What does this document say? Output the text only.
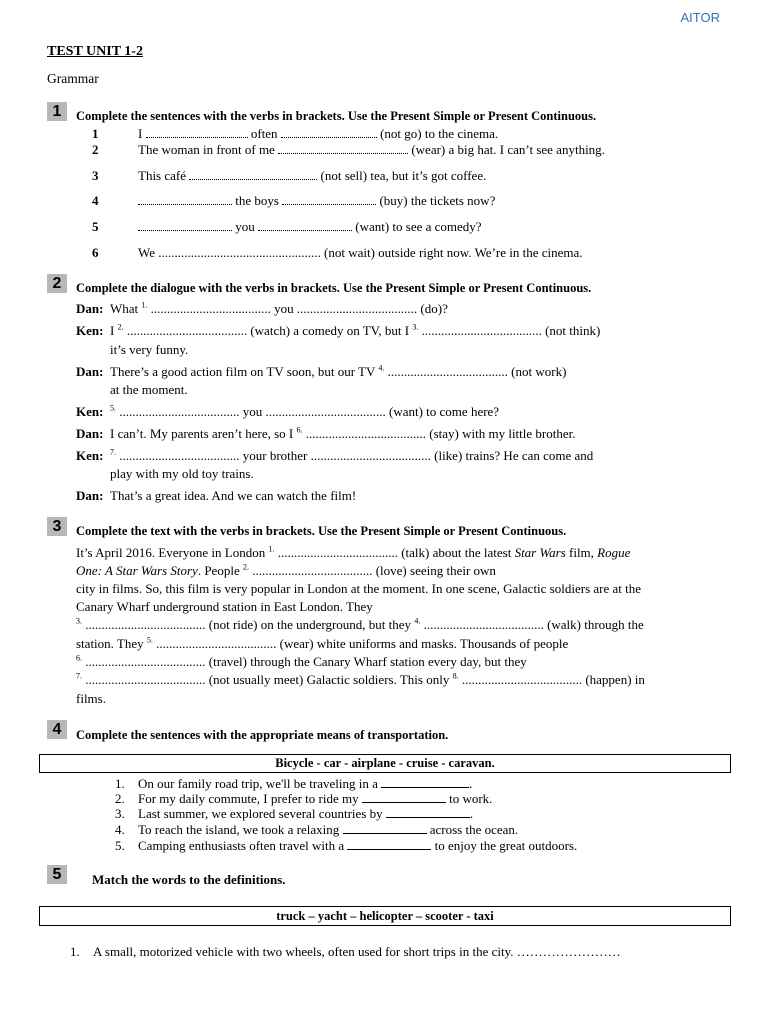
AITOR
TEST UNIT 1-2
Grammar
1	Complete the sentences with the verbs in brackets. Use the Present Simple or Present Continuous.
1	I	often	(not go) to the cinema.
2	The woman in front of me	(wear) a big hat. I can’t see anything.
3	This café	(not sell) tea, but it’s got coffee.
4	the boys	(buy) the tickets now?
5	you	(want) to see a comedy?
6	We .................................................. (not wait) outside right now. We’re in the cinema.
2	Complete the dialogue with the verbs in brackets. Use the Present Simple or Present Continuous.
Dan: What $^{1.}$ ..................................... you ..................................... (do)?
Ken: I $^{2.}$ ..................................... (watch) a comedy on TV, but I $^{3.}$ ..................................... (not think)
it’s very funny.
Dan: There’s a good action film on TV soon, but our TV $^{4.}$ ..................................... (not work)
at the moment.
Ken: $^{5.}$ ..................................... you ..................................... (want) to come here?
Dan: I can’t. My parents aren’t here, so I $^{6.}$ ..................................... (stay) with my little brother.
Ken: $^{7.}$ ..................................... your brother ..................................... (like) trains? He can come and
play with my old toy trains.
Dan: That’s a great idea. And we can watch the film!
3	Complete the text with the verbs in brackets. Use the Present Simple or Present Continuous.
It’s April 2016. Everyone in London $^{1.}$ ..................................... (talk) about the latest Star Wars film, Rogue
One: A Star Wars Story. People $^{2.}$ ..................................... (love) seeing their own
city in films. So, this film is very popular in London at the moment. In one scene, Galactic soldiers are at the
Canary Wharf underground station in East London. They
$^{3.}$ ..................................... (not ride) on the underground, but they $^{4.}$ ..................................... (walk) through the
station. They $^{5.}$ ..................................... (wear) white uniforms and masks. Thousands of people
$^{6.}$ ..................................... (travel) through the Canary Wharf station every day, but they
$^{7.}$ ..................................... (not usually meet) Galactic soldiers. This only $^{8.}$ ..................................... (happen) in
films.
4	Complete the sentences with the appropriate means of transportation.
Bicycle - car - airplane - cruise - caravan.
1. On our family road trip, we'll be traveling in a	.
2. For my daily commute, I prefer to ride my	to work.
3. Last summer, we explored several countries by	.
4. To reach the island, we took a relaxing	across the ocean.
5. Camping enthusiasts often travel with a	to enjoy the great outdoors.
5	Match the words to the definitions.
truck – yacht – helicopter – scooter - taxi
1. A small, motorized vehicle with two wheels, often used for short trips in the city. ……………………
